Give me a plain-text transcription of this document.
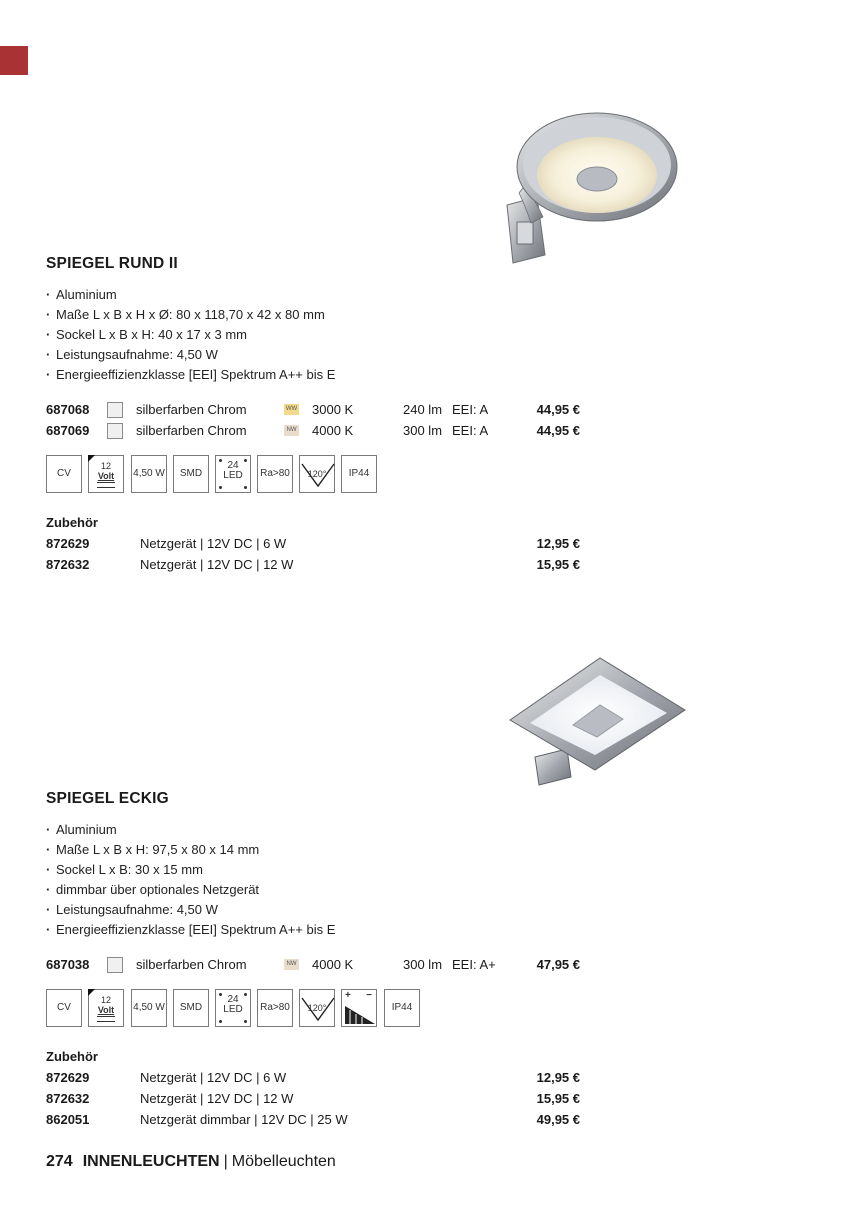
SPIEGEL RUND II
· Aluminium
· Maße L x B x H x Ø: 80 x 118,70 x 42 x 80 mm
· Sockel L x B x H: 40 x 17 x 3 mm
· Leistungsaufnahme: 4,50 W
· Energieeffizienzklasse [EEI] Spektrum A++ bis E
687068	silberfarben Chrom	WW 3000 K	240 lm EEI: A	44,95 €
687069	silberfarben Chrom	NW 4000 K	300 lm EEI: A	44,95 €
CV
12
Volt	4,50 W	SMD
24
LED	Ra>80	120°	IP44
Zubehör
872629	Netzgerät | 12V DC | 6 W	12,95 €
872632	Netzgerät | 12V DC | 12 W	15,95 €
SPIEGEL ECKIG
· Aluminium
· Maße L x B x H: 97,5 x 80 x 14 mm
· Sockel L x B: 30 x 15 mm
· dimmbar über optionales Netzgerät
· Leistungsaufnahme: 4,50 W
· Energieeffizienzklasse [EEI] Spektrum A++ bis E
687038	silberfarben Chrom	NW 4000 K	300 lm EEI: A+	47,95 €
CV
12
Volt	4,50 W	SMD
24
LED	Ra>80	120°
+ −
IP44
Zubehör
872629	Netzgerät | 12V DC | 6 W	12,95 €
872632	Netzgerät | 12V DC | 12 W	15,95 €
862051	Netzgerät dimmbar | 12V DC | 25 W	49,95 €
274 INNENLEUCHTEN | Möbelleuchten
